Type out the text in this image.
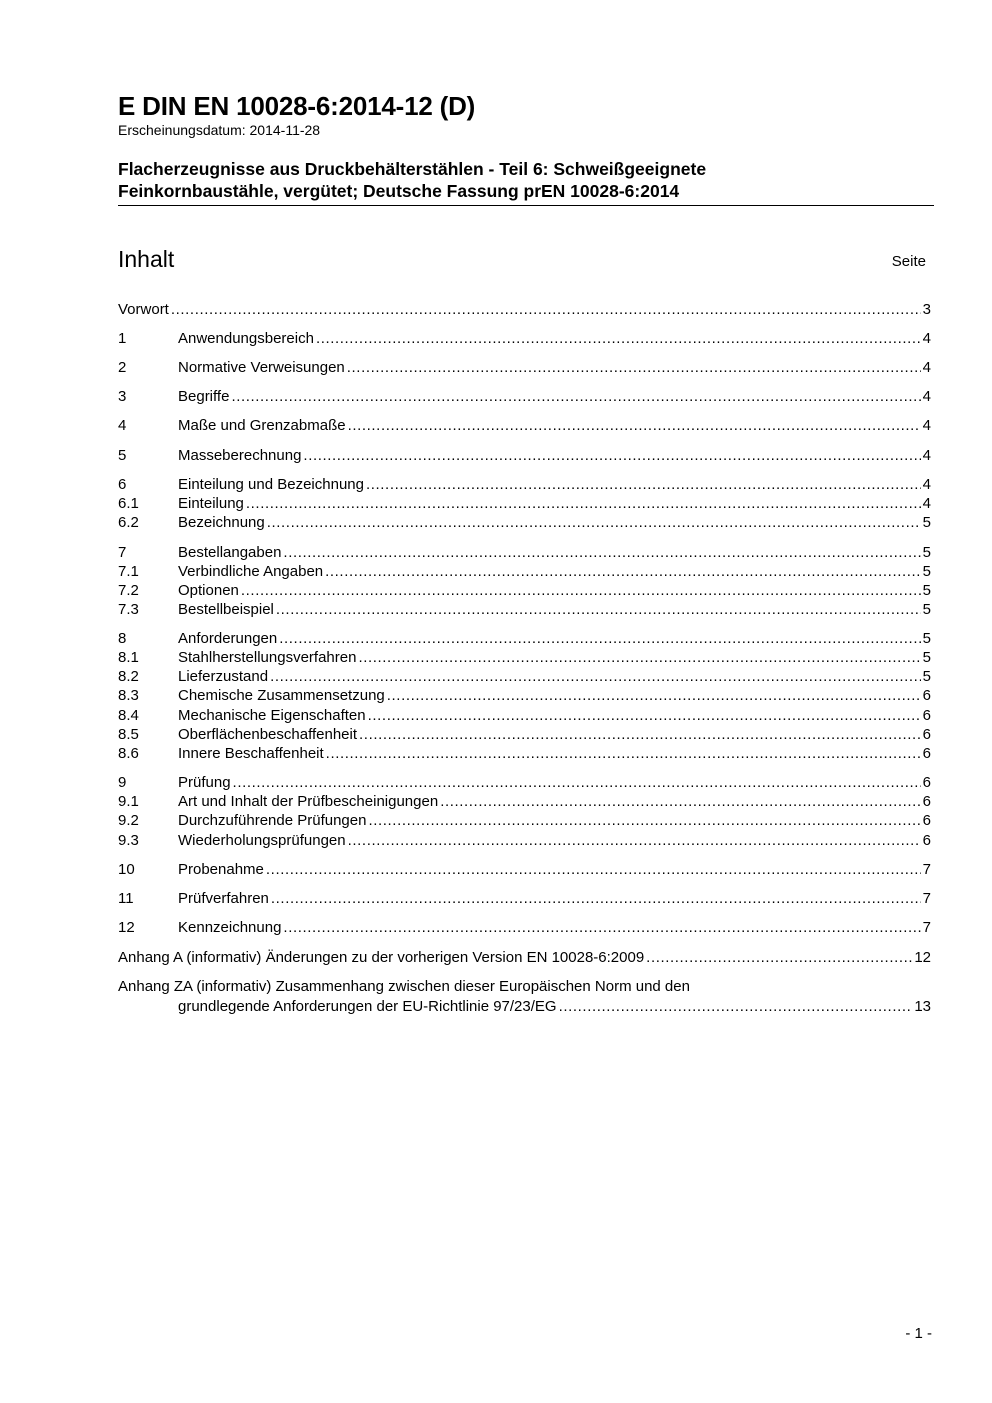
E DIN EN 10028-6:2014-12 (D)
Erscheinungsdatum: 2014-11-28
Flacherzeugnisse aus Druckbehälterstählen - Teil 6: Schweißgeeignete
Feinkornbaustähle, vergütet; Deutsche Fassung prEN 10028-6:2014
Inhalt	Seite
Vorwort .....	3
1	Anwendungsbereich .....	4
2	Normative Verweisungen .....	4
3	Begriffe .....	4
4	Maße und Grenzabmaße .....	4
5	Masseberechnung .....	4
6	Einteilung und Bezeichnung .....	4
6.1	Einteilung .....	4
6.2	Bezeichnung .....	5
7	Bestellangaben .....	5
7.1	Verbindliche Angaben .....	5
7.2	Optionen .....	5
7.3	Bestellbeispiel .....	5
8	Anforderungen .....	5
8.1	Stahlherstellungsverfahren .....	5
8.2	Lieferzustand .....	5
8.3	Chemische Zusammensetzung .....	6
8.4	Mechanische Eigenschaften .....	6
8.5	Oberflächenbeschaffenheit .....	6
8.6	Innere Beschaffenheit .....	6
9	Prüfung .....	6
9.1	Art und Inhalt der Prüfbescheinigungen .....	6
9.2	Durchzuführende Prüfungen .....	6
9.3	Wiederholungsprüfungen .....	6
10	Probenahme .....	7
11	Prüfverfahren .....	7
12	Kennzeichnung .....	7
Anhang A (informativ) Änderungen zu der vorherigen Version EN 10028-6:2009 .....	12
Anhang ZA (informativ) Zusammenhang zwischen dieser Europäischen Norm und den
grundlegende Anforderungen der EU-Richtlinie 97/23/EG .....	13
- 1 -
